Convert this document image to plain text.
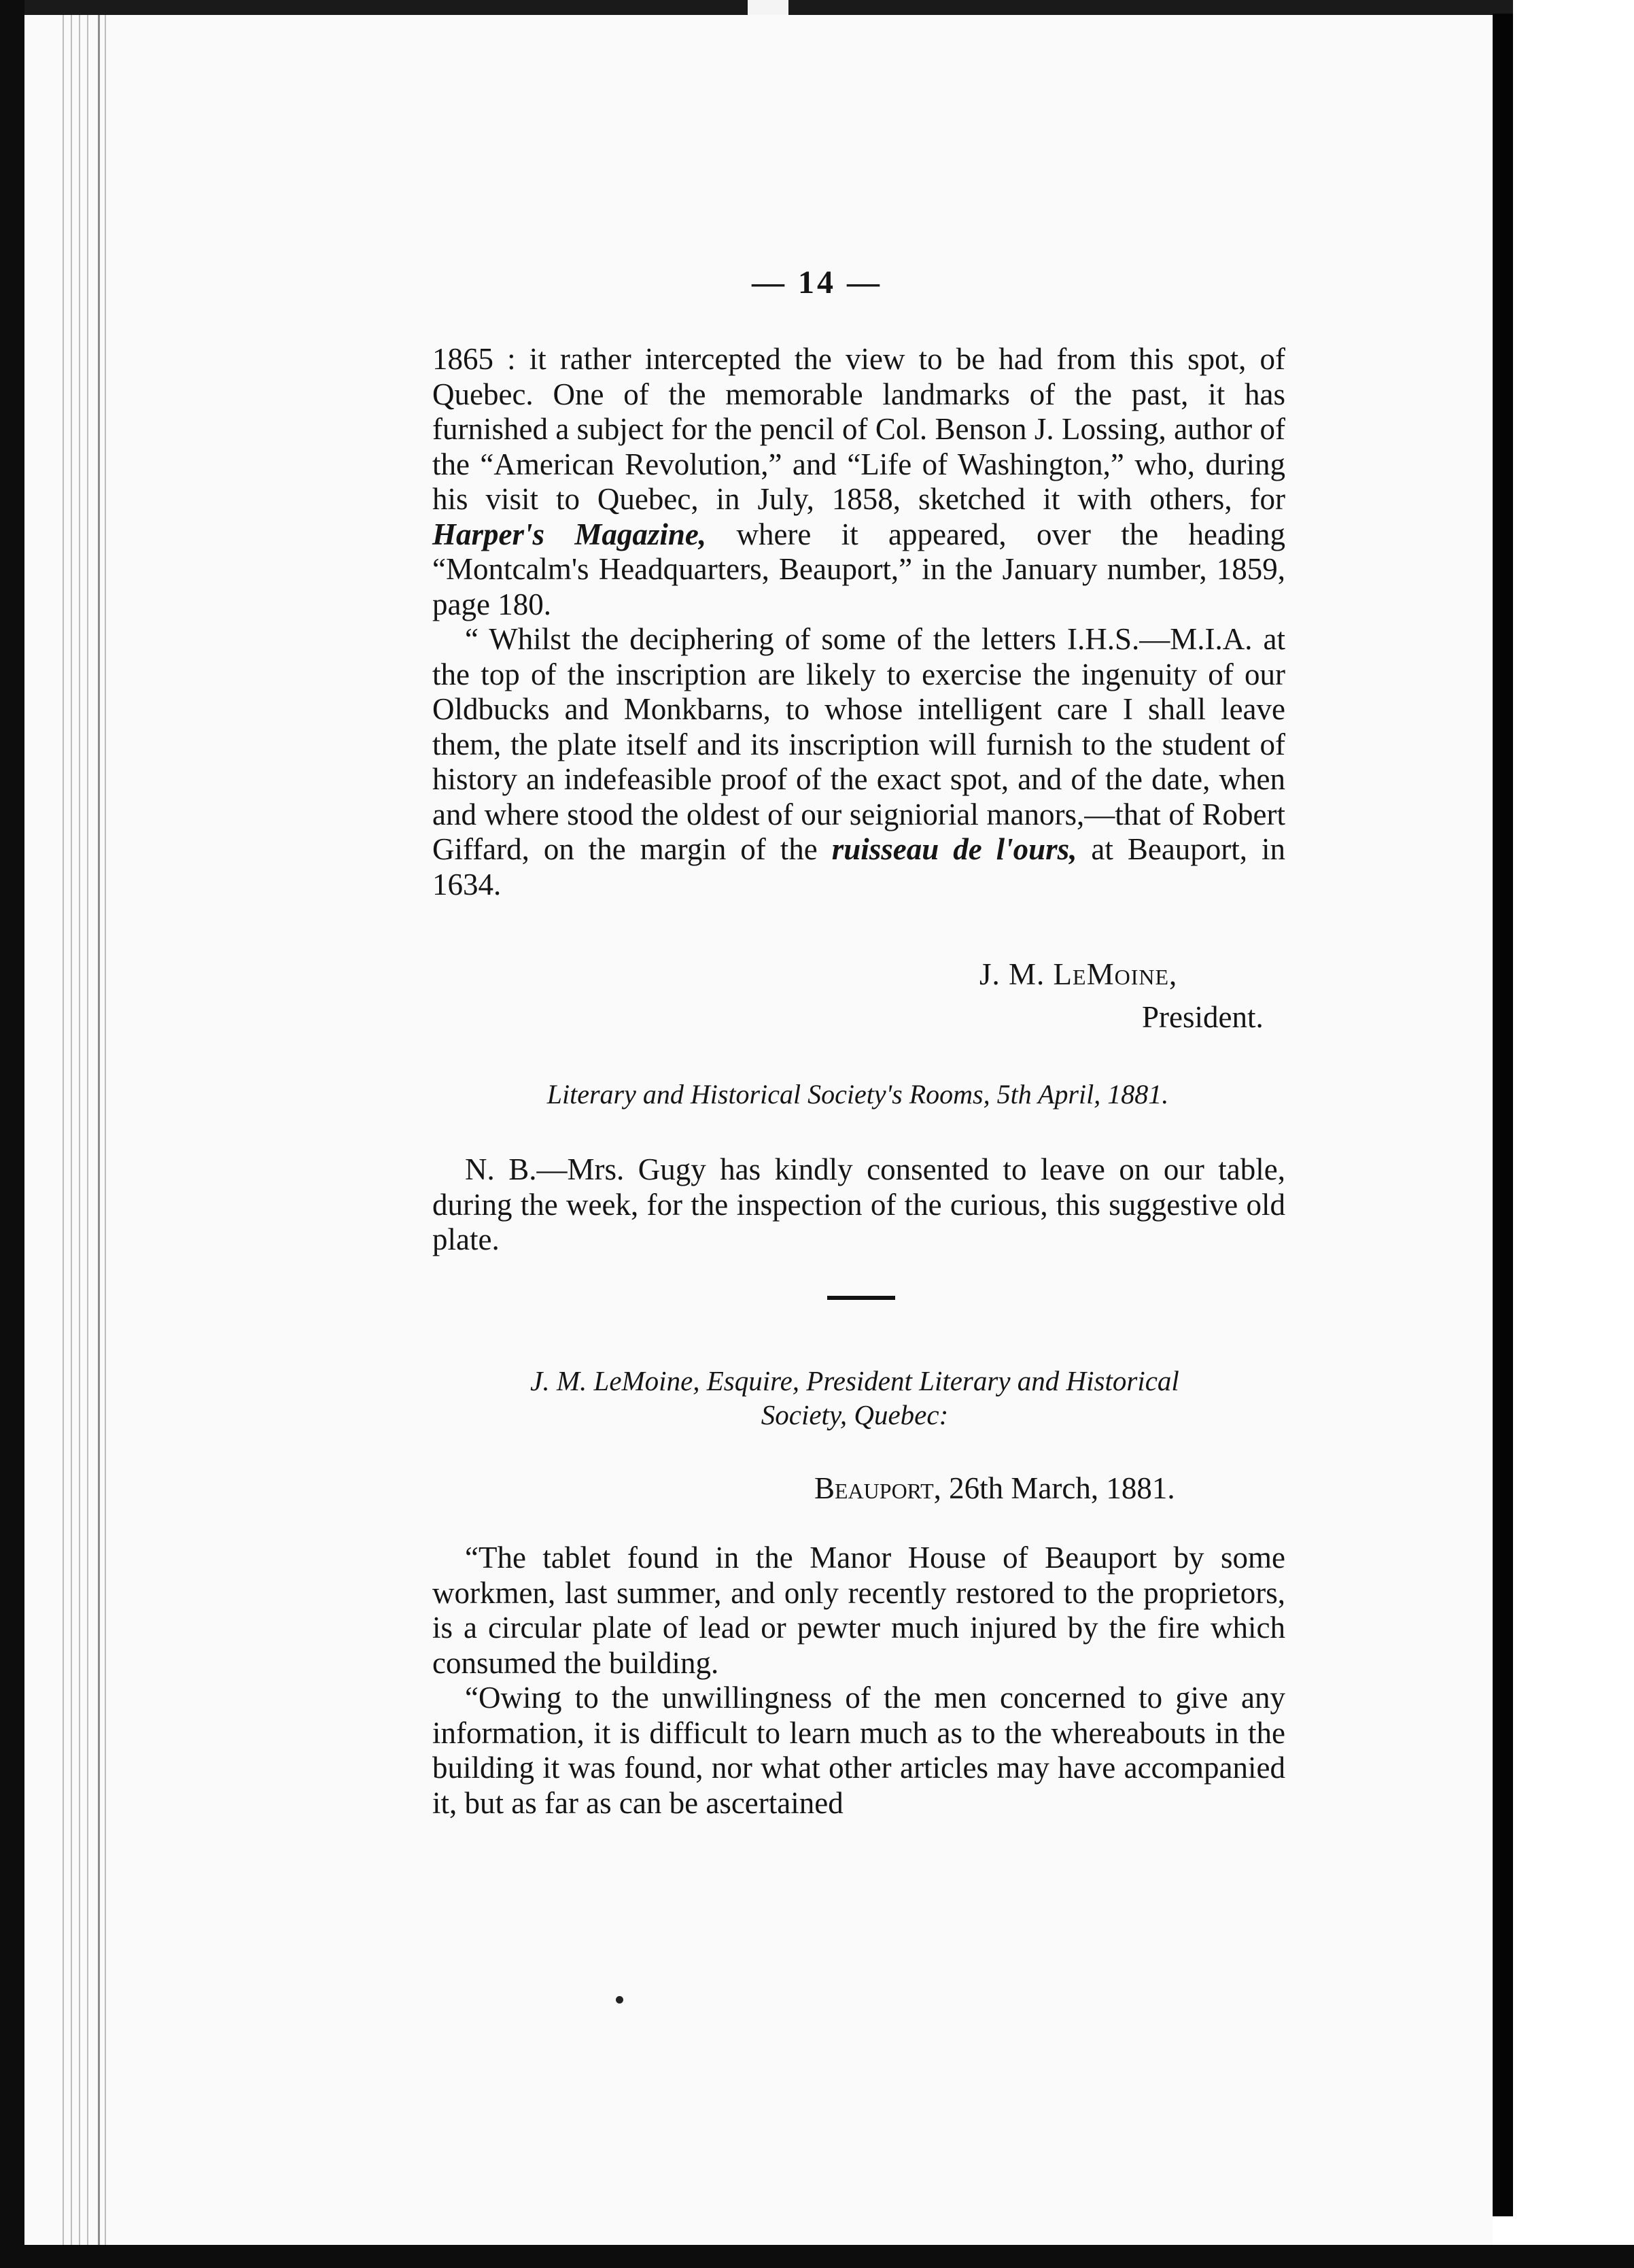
— 14 —

1865 : it rather intercepted the view to be had from this spot, of Quebec. One of the memorable landmarks of the past, it has furnished a subject for the pencil of Col. Benson J. Lossing, author of the “American Revolution,” and “Life of Washington,” who, during his visit to Quebec, in July, 1858, sketched it with others, for Harper's Magazine, where it appeared, over the heading “Montcalm's Headquarters, Beauport,” in the January number, 1859, page 180.

“ Whilst the deciphering of some of the letters I.H.S.—M.I.A. at the top of the inscription are likely to exercise the ingenuity of our Oldbucks and Monkbarns, to whose intelligent care I shall leave them, the plate itself and its inscription will furnish to the student of history an indefeasible proof of the exact spot, and of the date, when and where stood the oldest of our seigniorial manors,—that of Robert Giffard, on the margin of the ruisseau de l'ours, at Beauport, in 1634.

J. M. LeMoine,
President.
Literary and Historical Society's Rooms, 5th April, 1881.

N. B.—Mrs. Gugy has kindly consented to leave on our table, during the week, for the inspection of the curious, this suggestive old plate.

J. M. LeMoine, Esquire, President Literary and Historical

Society, Quebec:

Beauport, 26th March, 1881.

“The tablet found in the Manor House of Beauport by some workmen, last summer, and only recently restored to the proprietors, is a circular plate of lead or pewter much injured by the fire which consumed the building.

“Owing to the unwillingness of the men concerned to give any information, it is difficult to learn much as to the whereabouts in the building it was found, nor what other articles may have accompanied it, but as far as can be ascertained
